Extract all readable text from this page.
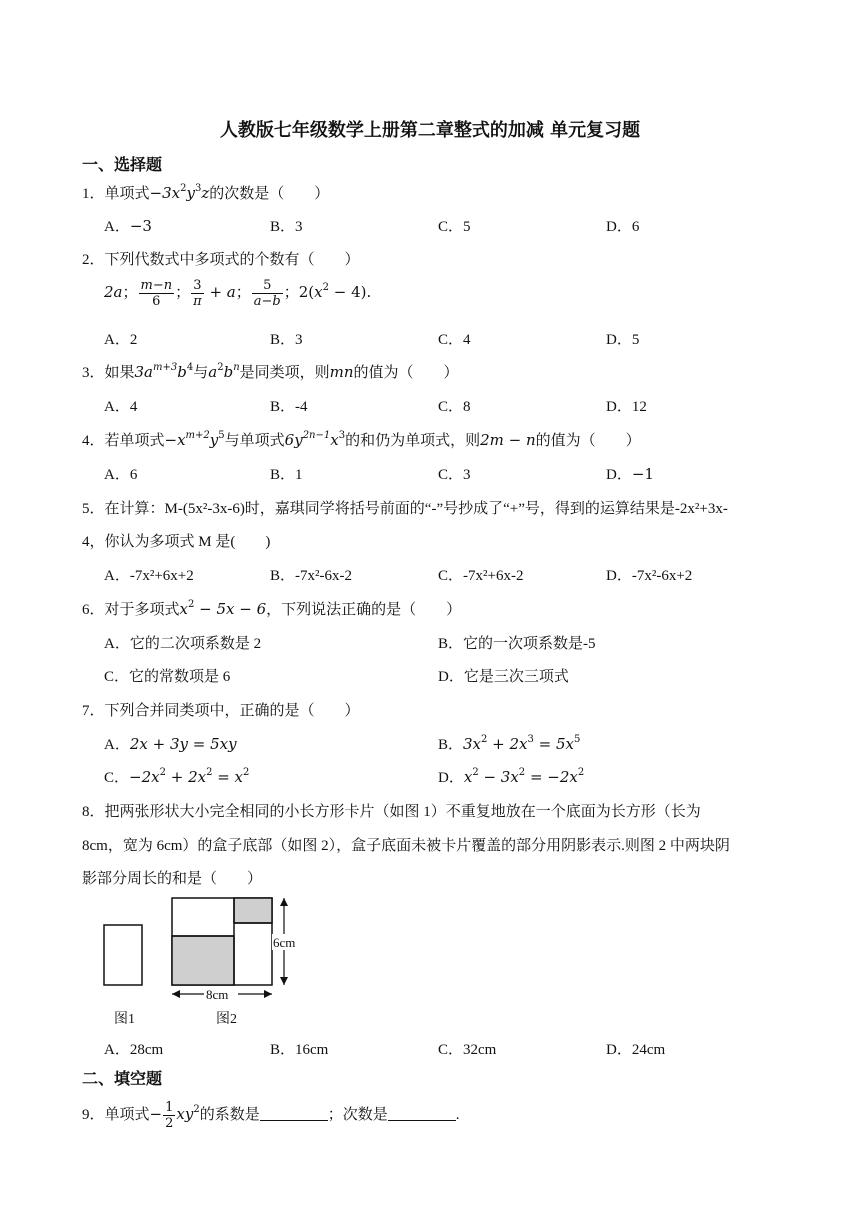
人教版七年级数学上册第二章整式的加减 单元复习题
一、选择题
1．单项式$-3x^2y^3z$的次数是（　　）
A．−3	B．3	C．5	D．6
2．下列代数式中多项式的个数有（　　）
2a； $\frac{m-n}{6}$ ； $\frac{3}{\pi} + a$； $\frac{5}{a-b}$ ；$2(x^2 - 4)$.
A．2	B．3	C．4	D．5
3．如果$3a^{m+3}b^4$与$a^2b^n$是同类项，则mn的值为（　　）
A．4	B．-4	C．8	D．12
4．若单项式$-x^{m+2}y^5$与单项式$6y^{2n-1}x^3$的和仍为单项式，则2m − n的值为（　　）
A．6	B．1	C．3	D．−1
5．在计算：M-(5x²-3x-6)时，嘉琪同学将括号前面的“-”号抄成了“+”号，得到的运算结果是-2x²+3x-
4，你认为多项式 M 是(　　)
A．-7x²+6x+2	B．-7x²-6x-2	C．-7x²+6x-2	D．-7x²-6x+2
6．对于多项式$x^2 - 5x - 6$，下列说法正确的是（　　）
A．它的二次项系数是 2	B．它的一次项系数是-5
C．它的常数项是 6	D．它是三次三项式
7．下列合并同类项中，正确的是（　　）
A．2x + 3y = 5xy	B．$3x^2 + 2x^3 = 5x^5$
C．$-2x^2 + 2x^2 = x^2$	D．$x^2 - 3x^2 = -2x^2$
8．把两张形状大小完全相同的小长方形卡片（如图 1）不重复地放在一个底面为长方形（长为
8cm，宽为 6cm）的盒子底部（如图 2），盒子底面未被卡片覆盖的部分用阴影表示.则图 2 中两块阴
影部分周长的和是（　　）
6cm
8cm
图1	图2
A．28cm	B．16cm	C．32cm	D．24cm
二、填空题
9．单项式− $\frac{1}{2} xy^2$的系数是	；次数是	.
